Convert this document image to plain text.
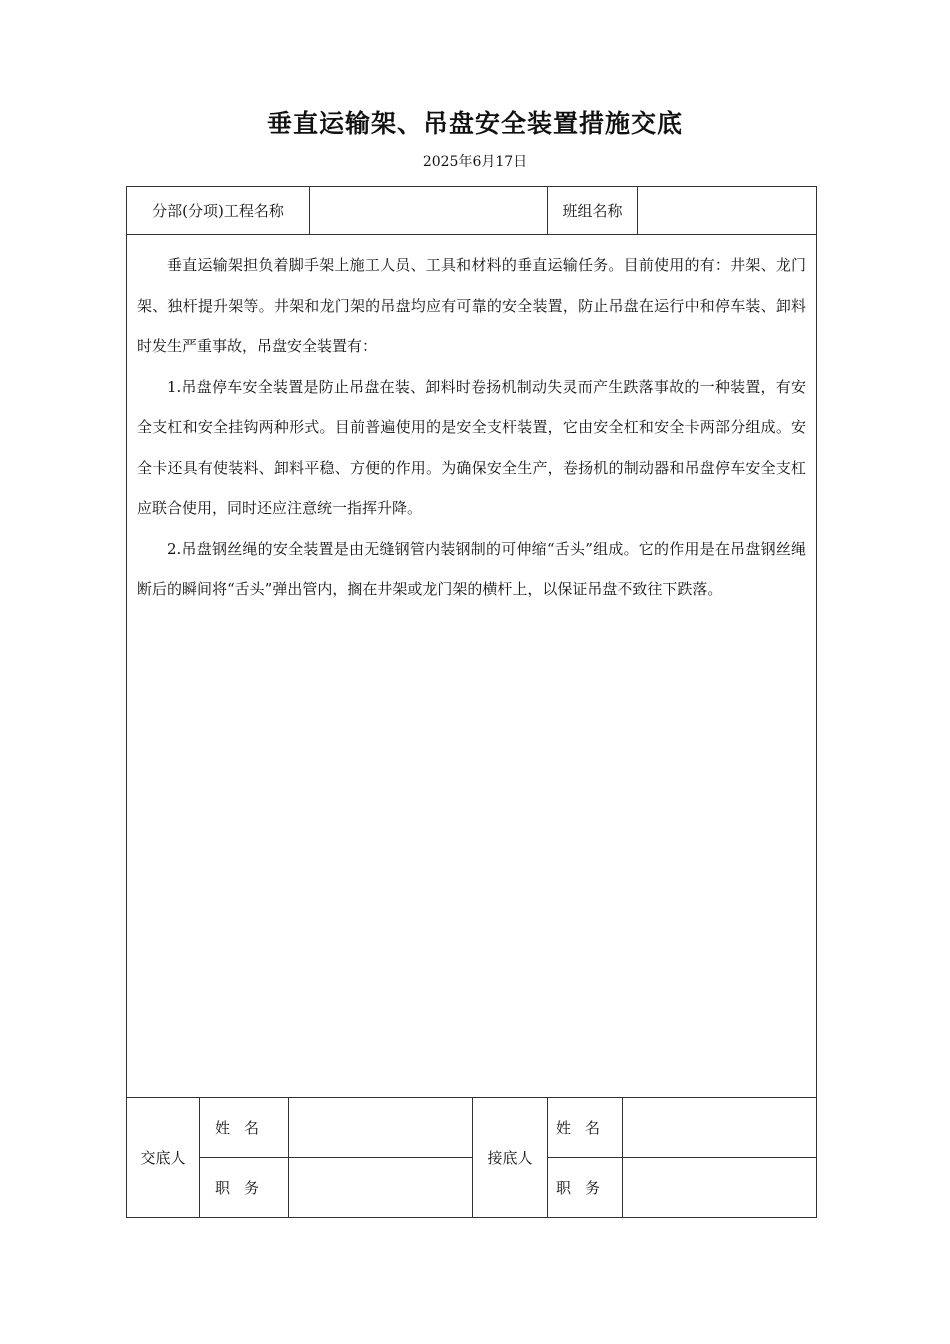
垂直运输架、吊盘安全装置措施交底
2025年6月17日
分部(分项)工程名称					班组名称		

垂直运输架担负着脚手架上施工人员、工具和材料的垂直运输任务。目前使用的有：井架、龙门架、独杆提升架等。井架和龙门架的吊盘均应有可靠的安全装置，防止吊盘在运行中和停车装、卸料时发生严重事故，吊盘安全装置有：

1.吊盘停车安全装置是防止吊盘在装、卸料时卷扬机制动失灵而产生跌落事故的一种装置，有安全支杠和安全挂钩两种形式。目前普遍使用的是安全支杆装置，它由安全杠和安全卡两部分组成。安全卡还具有使装料、卸料平稳、方便的作用。为确保安全生产，卷扬机的制动器和吊盘停车安全支杠应联合使用，同时还应注意统一指挥升降。

2.吊盘钢丝绳的安全装置是由无缝钢管内装钢制的可伸缩“舌头”组成。它的作用是在吊盘钢丝绳断后的瞬间将“舌头”弹出管内，搁在井架或龙门架的横杆上，以保证吊盘不致往下跌落。							

交底人	姓名			接底人	姓名		
	职务				职务		
